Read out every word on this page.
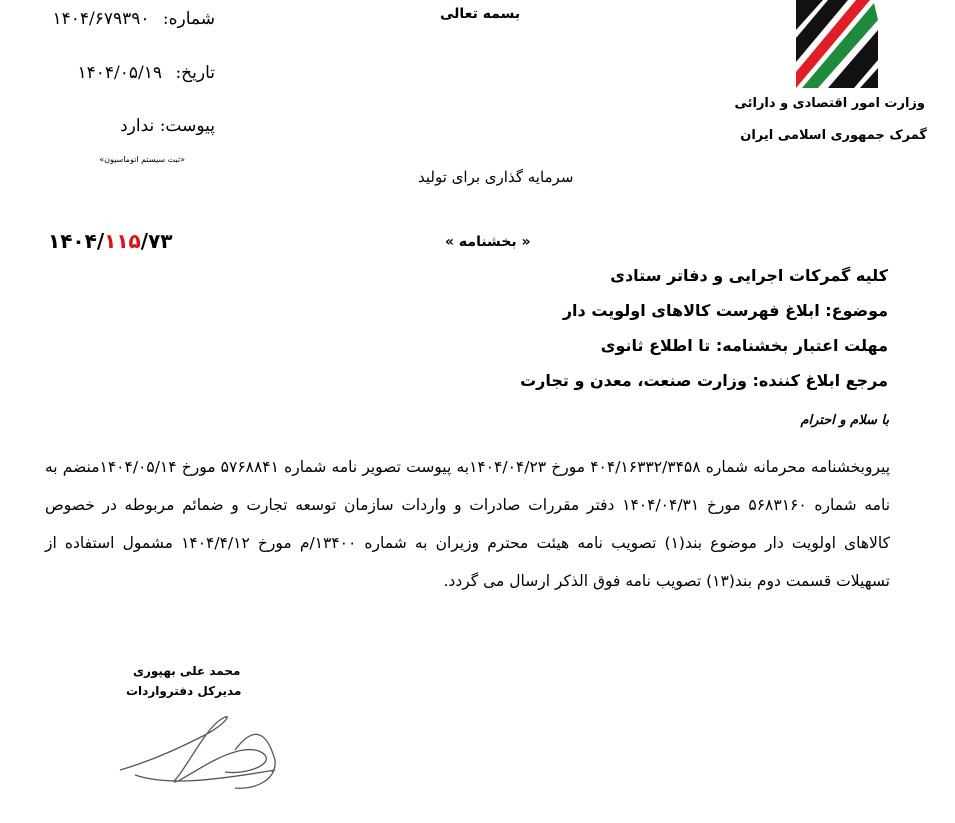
بسمه تعالی
شماره: ۱۴۰۴/۶۷۹۳۹۰
تاریخ: ۱۴۰۴/۰۵/۱۹
پیوست: ندارد
«ثبت سیستم اتوماسیون»
وزارت امور اقتصادی و دارائی
گمرک جمهوری اسلامی ایران
سرمایه گذاری برای تولید
« بخشنامه »
۱۴۰۴/۱۱۵/۷۳
کلیه گمرکات اجرایی و دفاتر ستادی
موضوع: ابلاغ فهرست کالاهای اولویت دار
مهلت اعتبار بخشنامه: تا اطلاع ثانوی
مرجع ابلاغ کننده: وزارت صنعت، معدن و تجارت
با سلام و احترام
پیروبخشنامه محرمانه شماره ۴۰۴/۱۶۳۳۲/۳۴۵۸ مورخ ۱۴۰۴/۰۴/۲۳به پیوست تصویر نامه شماره ۵۷۶۸۸۴۱ مورخ ۱۴۰۴/۰۵/۱۴منضم به نامه شماره ۵۶۸۳۱۶۰ مورخ ۱۴۰۴/۰۴/۳۱ دفتر مقررات صادرات و واردات سازمان توسعه تجارت و ضمائم مربوطه در خصوص کالاهای اولویت دار موضوع بند(۱) تصویب نامه هیئت محترم وزیران به شماره ۱۳۴۰۰/م مورخ ۱۴۰۴/۴/۱۲ مشمول استفاده از تسهیلات قسمت دوم بند(۱۳) تصویب نامه فوق الذکر ارسال می گردد.
محمد علی بهپوری
مدیرکل دفترواردات
